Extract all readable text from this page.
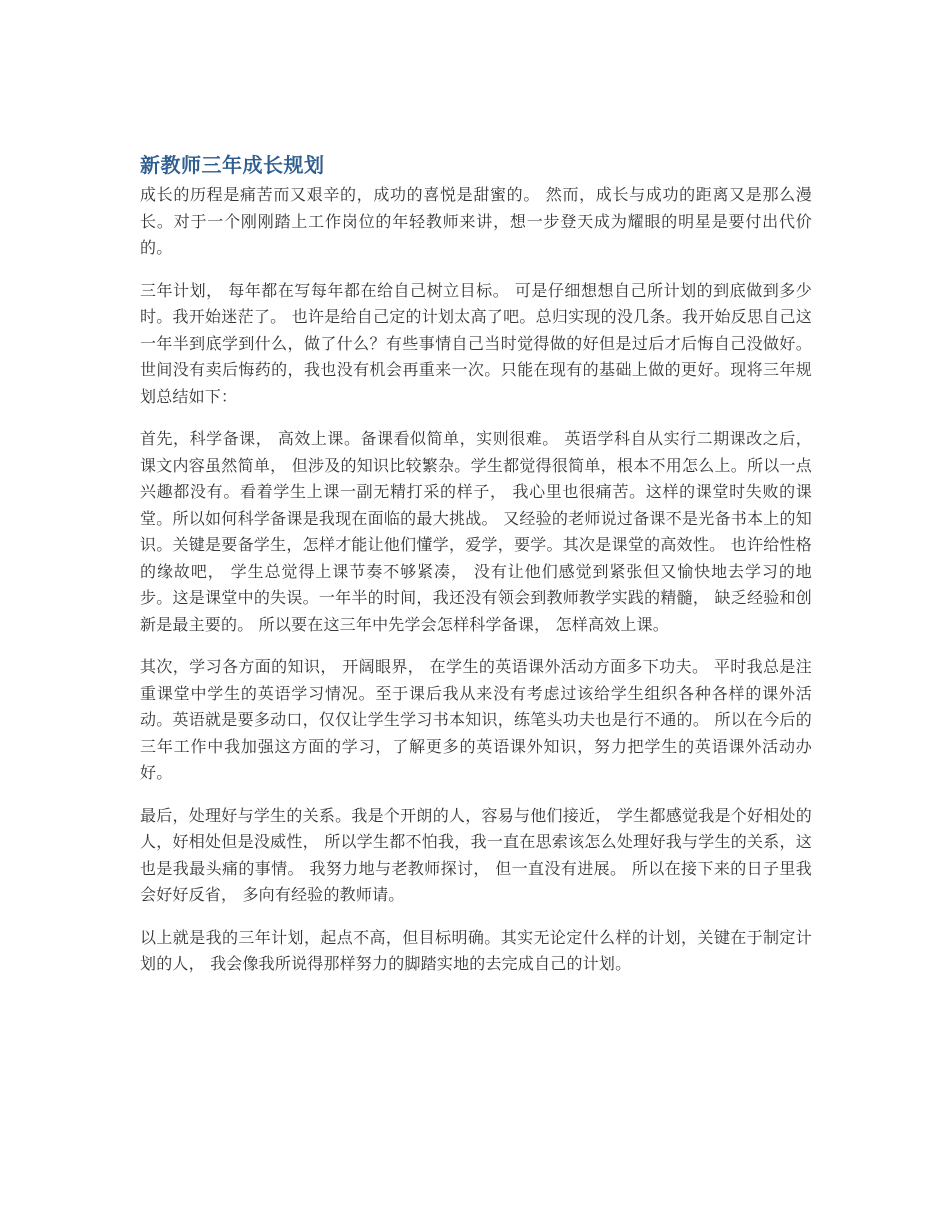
新教师三年成长规划

成长的历程是痛苦而又艰辛的，成功的喜悦是甜蜜的。 然而，成长与成功的距离又是那么漫长。对于一个刚刚踏上工作岗位的年轻教师来讲，想一步登天成为耀眼的明星是要付出代价的。

三年计划， 每年都在写每年都在给自己树立目标。 可是仔细想想自己所计划的到底做到多少时。我开始迷茫了。 也许是给自己定的计划太高了吧。总归实现的没几条。我开始反思自己这一年半到底学到什么，做了什么？有些事情自己当时觉得做的好但是过后才后悔自己没做好。 世间没有卖后悔药的，我也没有机会再重来一次。只能在现有的基础上做的更好。现将三年规划总结如下：

首先，科学备课， 高效上课。备课看似简单，实则很难。 英语学科自从实行二期课改之后， 课文内容虽然简单， 但涉及的知识比较繁杂。学生都觉得很简单，根本不用怎么上。所以一点兴趣都没有。看着学生上课一副无精打采的样子， 我心里也很痛苦。这样的课堂时失败的课堂。所以如何科学备课是我现在面临的最大挑战。 又经验的老师说过备课不是光备书本上的知识。关键是要备学生，怎样才能让他们懂学，爱学，要学。其次是课堂的高效性。 也许给性格的缘故吧， 学生总觉得上课节奏不够紧凑， 没有让他们感觉到紧张但又愉快地去学习的地步。这是课堂中的失误。一年半的时间，我还没有领会到教师教学实践的精髓， 缺乏经验和创新是最主要的。 所以要在这三年中先学会怎样科学备课， 怎样高效上课。

其次，学习各方面的知识， 开阔眼界， 在学生的英语课外活动方面多下功夫。 平时我总是注重课堂中学生的英语学习情况。至于课后我从来没有考虑过该给学生组织各种各样的课外活动。英语就是要多动口，仅仅让学生学习书本知识，练笔头功夫也是行不通的。 所以在今后的三年工作中我加强这方面的学习，了解更多的英语课外知识，努力把学生的英语课外活动办好。

最后，处理好与学生的关系。我是个开朗的人，容易与他们接近， 学生都感觉我是个好相处的人，好相处但是没威性， 所以学生都不怕我，我一直在思索该怎么处理好我与学生的关系，这也是我最头痛的事情。 我努力地与老教师探讨， 但一直没有进展。 所以在接下来的日子里我会好好反省， 多向有经验的教师请。

以上就是我的三年计划，起点不高，但目标明确。其实无论定什么样的计划，关键在于制定计划的人， 我会像我所说得那样努力的脚踏实地的去完成自己的计划。
